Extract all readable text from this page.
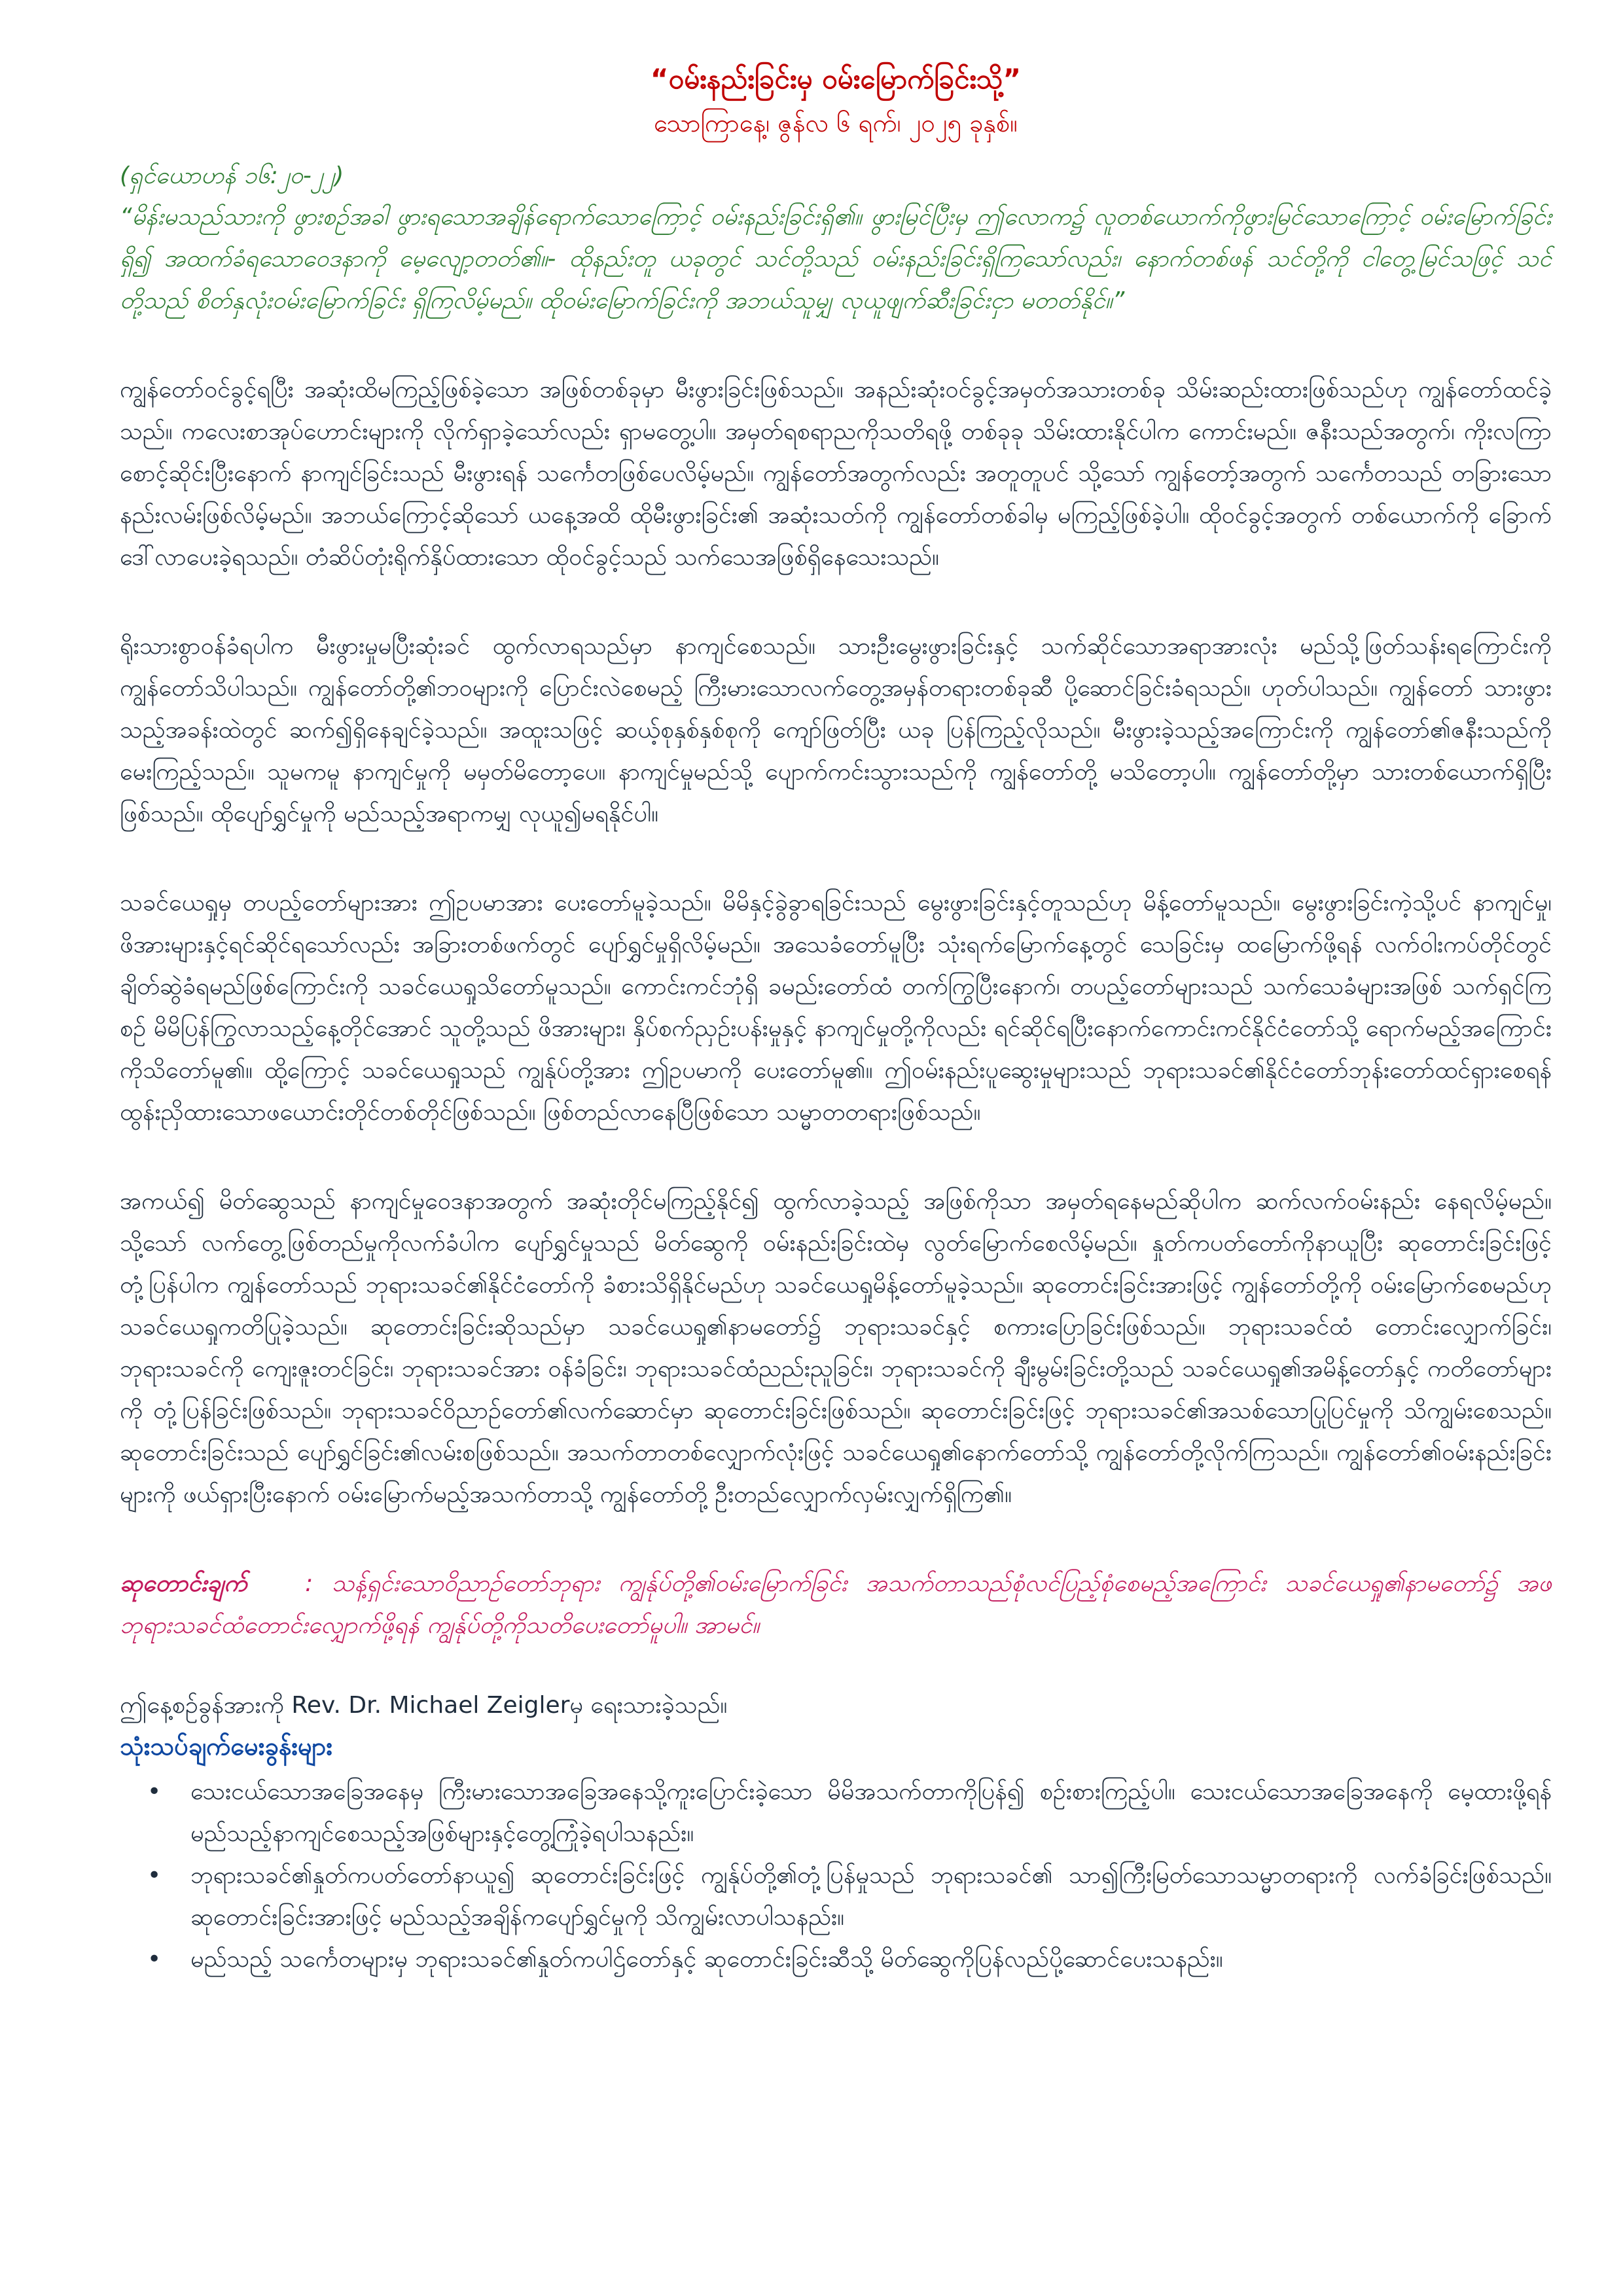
“ဝမ်းနည်းခြင်းမှ ဝမ်းမြောက်ခြင်းသို့”

သောကြာနေ့၊ ဇွန်လ ၆ ရက်၊ ၂၀၂၅ ခုနှစ်။

(ရှင်ယောဟန် ၁၆:၂၀-၂၂)

“မိန်းမသည်သားကို ဖွားစဉ်အခါ ဖွားရသောအချိန်ရောက်သောကြောင့် ဝမ်းနည်းခြင်းရှိ၏။ ဖွားမြင်ပြီးမှ ဤလောက၌ လူတစ်ယောက်ကိုဖွားမြင်သောကြောင့် ဝမ်းမြောက်ခြင်းရှိ၍ အထက်ခံရသောဝေဒနာကို မေ့လျော့တတ်၏။- ထိုနည်းတူ ယခုတွင် သင်တို့သည် ဝမ်းနည်းခြင်းရှိကြသော်လည်း၊ နောက်တစ်ဖန် သင်တို့ကို ငါတွေ့မြင်သဖြင့် သင်တို့သည် စိတ်နှလုံးဝမ်းမြောက်ခြင်း ရှိကြလိမ့်မည်။ ထိုဝမ်းမြောက်ခြင်းကို အဘယ်သူမျှ လုယူဖျက်ဆီးခြင်းငှာ မတတ်နိုင်။”

ကျွန်တော်ဝင်ခွင့်ရပြီး အဆုံးထိမကြည့်ဖြစ်ခဲ့သော အဖြစ်တစ်ခုမှာ မီးဖွားခြင်းဖြစ်သည်။ အနည်းဆုံးဝင်ခွင့်အမှတ်အသားတစ်ခု သိမ်းဆည်းထားဖြစ်သည်ဟု ကျွန်တော်ထင်ခဲ့သည်။ ကလေးစာအုပ်ဟောင်းများကို လိုက်ရှာခဲ့သော်လည်း ရှာမတွေ့ပါ။ အမှတ်ရစရာညကိုသတိရဖို့ တစ်ခုခု သိမ်းထားနိုင်ပါက ကောင်းမည်။ ဇနီးသည်အတွက်၊ ကိုးလကြာစောင့်ဆိုင်းပြီးနောက် နာကျင်ခြင်းသည် မီးဖွားရန် သင်္ကေတဖြစ်ပေလိမ့်မည်။ ကျွန်တော်အတွက်လည်း အတူတူပင် သို့သော် ကျွန်တော့်အတွက် သင်္ကေတသည် တခြားသောနည်းလမ်းဖြစ်လိမ့်မည်။ အဘယ်ကြောင့်ဆိုသော် ယနေ့အထိ ထိုမီးဖွားခြင်း၏ အဆုံးသတ်ကို ကျွန်တော်တစ်ခါမှ မကြည့်ဖြစ်ခဲ့ပါ။ ထိုဝင်ခွင့်အတွက် တစ်ယောက်ကို ခြောက်ဒေါ်လာပေးခဲ့ရသည်။ တံဆိပ်တုံးရိုက်နှိပ်ထားသော ထိုဝင်ခွင့်သည် သက်သေအဖြစ်ရှိနေသေးသည်။

ရိုးသားစွာဝန်ခံရပါက မီးဖွားမှုမပြီးဆုံးခင် ထွက်လာရသည်မှာ နာကျင်စေသည်။ သားဦးမွေးဖွားခြင်းနှင့် သက်ဆိုင်သောအရာအားလုံး မည်သို့ဖြတ်သန်းရကြောင်းကို ကျွန်တော်သိပါသည်။ ကျွန်တော်တို့၏ဘဝများကို ပြောင်းလဲစေမည့် ကြီးမားသောလက်တွေ့အမှန်တရားတစ်ခုဆီ ပို့ဆောင်ခြင်းခံရသည်။ ဟုတ်ပါသည်။ ကျွန်တော် သားဖွားသည့်အခန်းထဲတွင် ဆက်၍ရှိနေချင်ခဲ့သည်။ အထူးသဖြင့် ဆယ့်စုနှစ်နှစ်စုကို ကျော်ဖြတ်ပြီး ယခု ပြန်ကြည့်လိုသည်။ မီးဖွားခဲ့သည့်အကြောင်းကို ကျွန်တော်၏ဇနီးသည်ကို မေးကြည့်သည်။ သူမကမူ နာကျင်မှုကို မမှတ်မိတော့ပေ။ နာကျင်မှုမည်သို့ ပျောက်ကင်းသွားသည်ကို ကျွန်တော်တို့ မသိတော့ပါ။ ကျွန်တော်တို့မှာ သားတစ်ယောက်ရှိပြီးဖြစ်သည်။ ထိုပျော်ရွှင်မှုကို မည်သည့်အရာကမျှ လုယူ၍မရနိုင်ပါ။

သခင်ယေရှုမှ တပည့်တော်များအား ဤဥပမာအား ပေးတော်မူခဲ့သည်။ မိမိနှင့်ခွဲခွာရခြင်းသည် မွေးဖွားခြင်းနှင့်တူသည်ဟု မိန့်တော်မူသည်။ မွေးဖွားခြင်းကဲ့သို့ပင် နာကျင်မှု၊ ဖိအားများနှင့်ရင်ဆိုင်ရသော်လည်း အခြားတစ်ဖက်တွင် ပျော်ရွှင်မှုရှိလိမ့်မည်။ အသေခံတော်မူပြီး သုံးရက်မြောက်နေ့တွင် သေခြင်းမှ ထမြောက်ဖို့ရန် လက်ဝါးကပ်တိုင်တွင် ချိတ်ဆွဲခံရမည်ဖြစ်ကြောင်းကို သခင်ယေရှုသိတော်မူသည်။ ကောင်းကင်ဘုံရှိ ခမည်းတော်ထံ တက်ကြွပြီးနောက်၊ တပည့်တော်များသည် သက်သေခံများအဖြစ် သက်ရှင်ကြစဉ် မိမိပြန်ကြွလာသည့်နေ့တိုင်အောင် သူတို့သည် ဖိအားများ၊ နှိပ်စက်ညှဉ်းပန်းမှုနှင့် နာကျင်မှုတို့ကိုလည်း ရင်ဆိုင်ရပြီးနောက်ကောင်းကင်နိုင်ငံတော်သို့ ရောက်မည့်အကြောင်းကိုသိတော်မူ၏။ ထို့ကြောင့် သခင်ယေရှုသည် ကျွန်ုပ်တို့အား ဤဥပမာကို ပေးတော်မူ၏။ ဤဝမ်းနည်းပူဆွေးမှုများသည် ဘုရားသခင်၏နိုင်ငံတော်ဘုန်းတော်ထင်ရှားစေရန် ထွန်းညှိထားသောဖယောင်းတိုင်တစ်တိုင်ဖြစ်သည်။ ဖြစ်တည်လာနေပြီဖြစ်သော သမ္မာတတရားဖြစ်သည်။

အကယ်၍ မိတ်ဆွေသည် နာကျင်မှုဝေဒနာအတွက် အဆုံးတိုင်မကြည့်နိုင်၍ ထွက်လာခဲ့သည့် အဖြစ်ကိုသာ အမှတ်ရနေမည်ဆိုပါက ဆက်လက်ဝမ်းနည်း နေရလိမ့်မည်။ သို့သော် လက်တွေ့ဖြစ်တည်မှုကိုလက်ခံပါက ပျော်ရွှင်မှုသည် မိတ်ဆွေကို ဝမ်းနည်းခြင်းထဲမှ လွတ်မြောက်စေလိမ့်မည်။ နှုတ်ကပတ်တော်ကိုနာယူပြီး ဆုတောင်းခြင်းဖြင့် တုံ့ပြန်ပါက ကျွန်တော်သည် ဘုရားသခင်၏နိုင်ငံတော်ကို ခံစားသိရှိနိုင်မည်ဟု သခင်ယေရှုမိန့်တော်မူခဲ့သည်။ ဆုတောင်းခြင်းအားဖြင့် ကျွန်တော်တို့ကို ဝမ်းမြောက်စေမည်ဟု သခင်ယေရှုကတိပြုခဲ့သည်။ ဆုတောင်းခြင်းဆိုသည်မှာ သခင်ယေရှု၏နာမတော်၌ ဘုရားသခင်နှင့် စကားပြောခြင်းဖြစ်သည်။ ဘုရားသခင်ထံ တောင်းလျှောက်ခြင်း၊ ဘုရားသခင်ကို ကျေးဇူးတင်ခြင်း၊ ဘုရားသခင်အား ဝန်ခံခြင်း၊ ဘုရားသခင်ထံညည်းညူခြင်း၊ ဘုရားသခင်ကို ချီးမွမ်းခြင်းတို့သည် သခင်ယေရှု၏အမိန့်တော်နှင့် ကတိတော်များကို တုံ့ပြန်ခြင်းဖြစ်သည်။ ဘုရားသခင်ဝိညာဉ်တော်၏လက်ဆောင်မှာ ဆုတောင်းခြင်းဖြစ်သည်။ ဆုတောင်းခြင်းဖြင့် ဘုရားသခင်၏အသစ်သောပြုပြင်မှုကို သိကျွမ်းစေသည်။ ဆုတောင်းခြင်းသည် ပျော်ရွှင်ခြင်း၏လမ်းစဖြစ်သည်။ အသက်တာတစ်လျှောက်လုံးဖြင့် သခင်ယေရှု၏နောက်တော်သို့ ကျွန်တော်တို့လိုက်ကြသည်။ ကျွန်တော်၏ဝမ်းနည်းခြင်းများကို ဖယ်ရှားပြီးနောက် ဝမ်းမြောက်မည့်အသက်တာသို့ ကျွန်တော်တို့ ဦးတည်လျှောက်လှမ်းလျှက်ရှိကြ၏။

ဆုတောင်းချက် : သန့်ရှင်းသောဝိညာဉ်တော်ဘုရား ကျွန်ုပ်တို့၏ဝမ်းမြောက်ခြင်း အသက်တာသည်စုံလင်ပြည့်စုံစေမည့်အကြောင်း သခင်ယေရှု၏နာမတော်၌ အဖဘုရားသခင်ထံတောင်းလျှောက်ဖို့ရန် ကျွန်ုပ်တို့ကိုသတိပေးတော်မူပါ။ အာမင်။

ဤနေ့စဉ်ခွန်အားကို Rev. Dr. Michael Zeiglerမှ ရေးသားခဲ့သည်။

သုံးသပ်ချက်မေးခွန်းများ

• သေးငယ်သောအခြေအနေမှ ကြီးမားသောအခြေအနေသို့ကူးပြောင်းခဲ့သော မိမိအသက်တာကိုပြန်၍ စဉ်းစားကြည့်ပါ။ သေးငယ်သောအခြေအနေကို မေ့ထားဖို့ရန် မည်သည့်နာကျင်စေသည့်အဖြစ်များနှင့်တွေ့ကြုံခဲ့ရပါသနည်း။
• ဘုရားသခင်၏နှုတ်ကပတ်တော်နာယူ၍ ဆုတောင်းခြင်းဖြင့် ကျွန်ုပ်တို့၏တုံ့ပြန်မှုသည် ဘုရားသခင်၏ သာ၍ကြီးမြတ်သောသမ္မာတရားကို လက်ခံခြင်းဖြစ်သည်။ ဆုတောင်းခြင်းအားဖြင့် မည်သည့်အချိန်ကပျော်ရွှင်မှုကို သိကျွမ်းလာပါသနည်း။
• မည်သည့် သင်္ကေတများမှ ဘုရားသခင်၏နှုတ်ကပါဌ်တော်နှင့် ဆုတောင်းခြင်းဆီသို့ မိတ်ဆွေကိုပြန်လည်ပို့ဆောင်ပေးသနည်း။
